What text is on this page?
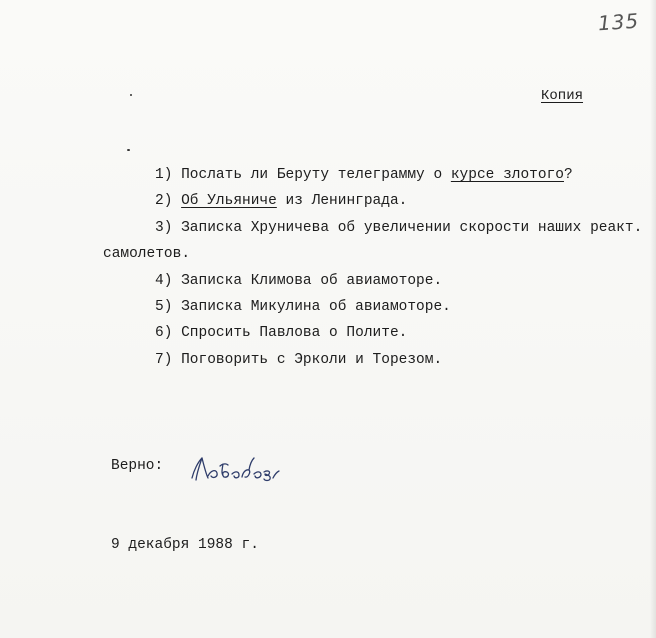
135
Копия
1) Послать ли Беруту телеграмму о курсе злотого?
2) Об Ульяниче из Ленинграда.
3) Записка Хруничева об увеличении скорости наших реакт.
самолетов.
4) Записка Климова об авиамоторе.
5) Записка Микулина об авиамоторе.
6) Спросить Павлова о Полите.
7) Поговорить с Эрколи и Торезом.
Верно:
9 декабря 1988 г.
